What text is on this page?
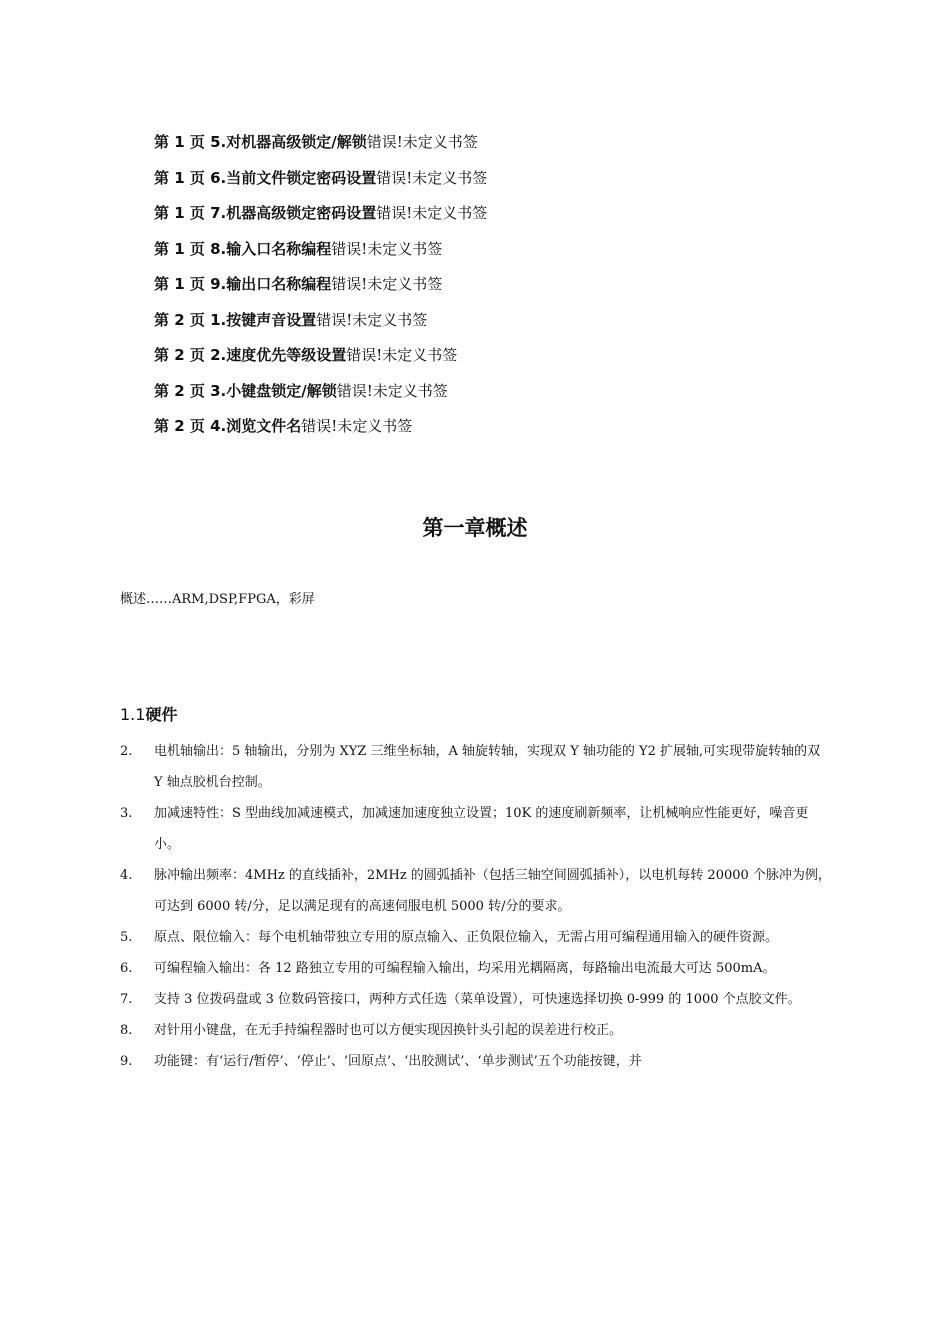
第 1 页 5.对机器高级锁定/解锁错误!未定义书签
第 1 页 6.当前文件锁定密码设置错误!未定义书签
第 1 页 7.机器高级锁定密码设置错误!未定义书签
第 1 页 8.输入口名称编程错误!未定义书签
第 1 页 9.输出口名称编程错误!未定义书签
第 2 页 1.按键声音设置错误!未定义书签
第 2 页 2.速度优先等级设置错误!未定义书签
第 2 页 3.小键盘锁定/解锁错误!未定义书签
第 2 页 4.浏览文件名错误!未定义书签
第一章概述
概述……ARM,DSP,FPGA，彩屏
1.1硬件
2.	电机轴输出：5 轴输出，分别为 XYZ 三维坐标轴，A 轴旋转轴，实现双 Y 轴功能的 Y2 扩展轴,可实现带旋转轴的双 Y 轴点胶机台控制。
3.	加减速特性：S 型曲线加减速模式，加减速加速度独立设置；10K 的速度刷新频率，让机械响应性能更好，噪音更小。
4.	脉冲输出频率：4MHz 的直线插补，2MHz 的圆弧插补（包括三轴空间圆弧插补），以电机每转 20000 个脉冲为例，可达到 6000 转/分，足以满足现有的高速伺服电机 5000 转/分的要求。
5.	原点、限位输入：每个电机轴带独立专用的原点输入、正负限位输入，无需占用可编程通用输入的硬件资源。
6.	可编程输入输出：各 12 路独立专用的可编程输入输出，均采用光耦隔离，每路输出电流最大可达 500mA。
7.	支持 3 位拨码盘或 3 位数码管接口，两种方式任选（菜单设置），可快速选择切换 0-999 的 1000 个点胶文件。
8.	对针用小键盘，在无手持编程器时也可以方便实现因换针头引起的误差进行校正。
9.	功能键：有‘运行/暂停’、‘停止’、‘回原点’、‘出胶测试’、‘单步测试’五个功能按键，并
